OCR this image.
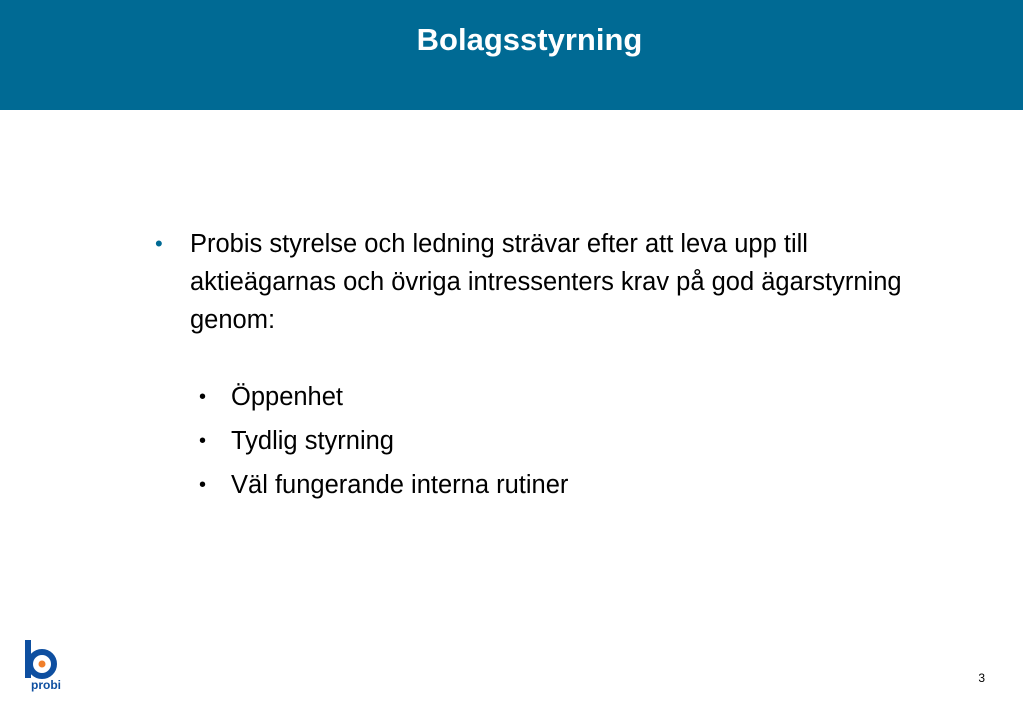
Bolagsstyrning
• Probis styrelse och ledning strävar efter att leva upp till aktieägarnas och övriga intressenters krav på god ägarstyrning genom:
• Öppenhet
• Tydlig styrning
• Väl fungerande interna rutiner
probi	3
